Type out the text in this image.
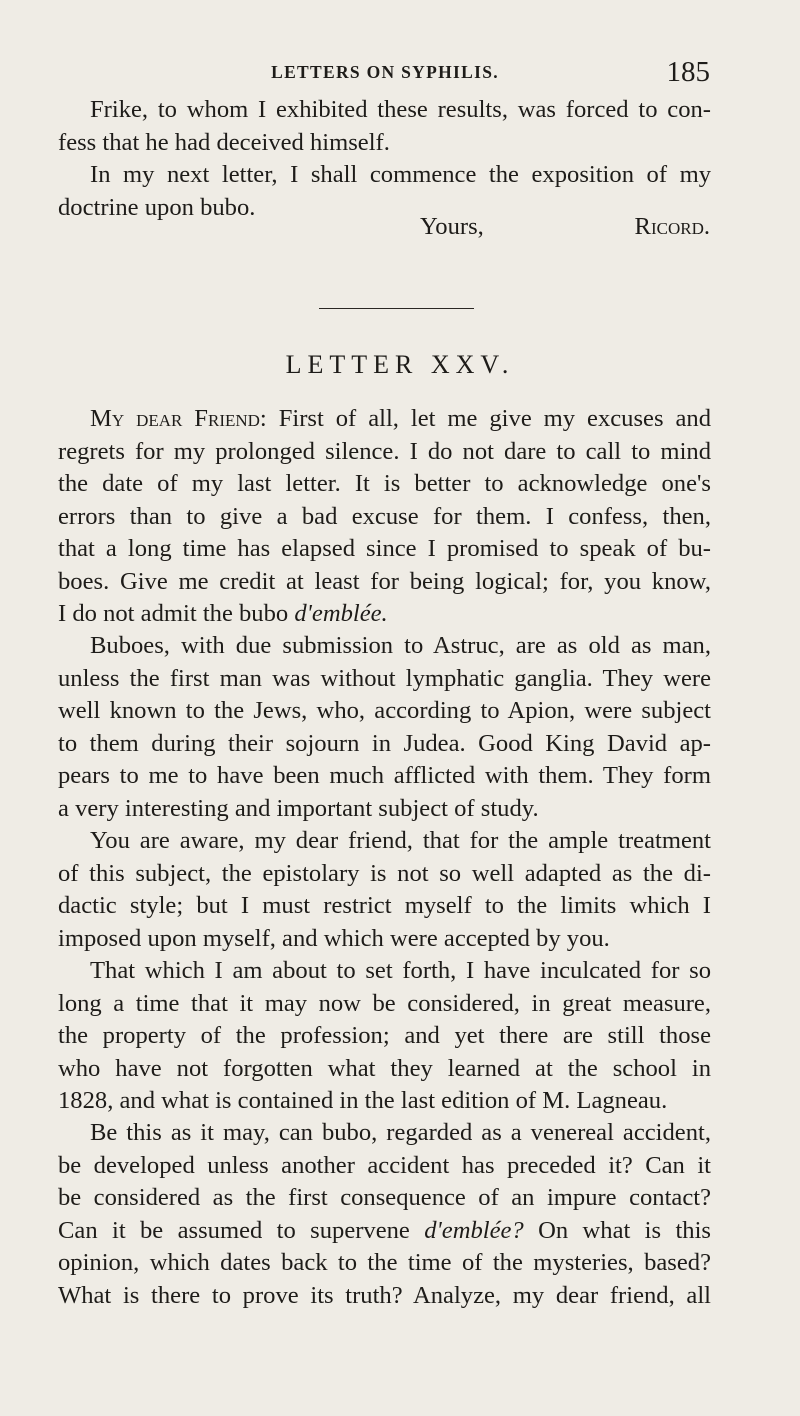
LETTERS ON SYPHILIS.	185
Frike, to whom I exhibited these results, was forced to con-
fess that he had deceived himself.
In my next letter, I shall commence the exposition of my
doctrine upon bubo.
Yours,	Ricord.
LETTER XXV.
My dear Friend: First of all, let me give my excuses and
regrets for my prolonged silence. I do not dare to call to mind
the date of my last letter. It is better to acknowledge one's
errors than to give a bad excuse for them. I confess, then,
that a long time has elapsed since I promised to speak of bu-
boes. Give me credit at least for being logical; for, you know,
I do not admit the bubo d'emblée.
Buboes, with due submission to Astruc, are as old as man,
unless the first man was without lymphatic ganglia. They were
well known to the Jews, who, according to Apion, were subject
to them during their sojourn in Judea. Good King David ap-
pears to me to have been much afflicted with them. They form
a very interesting and important subject of study.
You are aware, my dear friend, that for the ample treatment
of this subject, the epistolary is not so well adapted as the di-
dactic style; but I must restrict myself to the limits which I
imposed upon myself, and which were accepted by you.
That which I am about to set forth, I have inculcated for so
long a time that it may now be considered, in great measure,
the property of the profession; and yet there are still those
who have not forgotten what they learned at the school in
1828, and what is contained in the last edition of M. Lagneau.
Be this as it may, can bubo, regarded as a venereal accident,
be developed unless another accident has preceded it? Can it
be considered as the first consequence of an impure contact?
Can it be assumed to supervene d'emblée? On what is this
opinion, which dates back to the time of the mysteries, based?
What is there to prove its truth? Analyze, my dear friend, all
